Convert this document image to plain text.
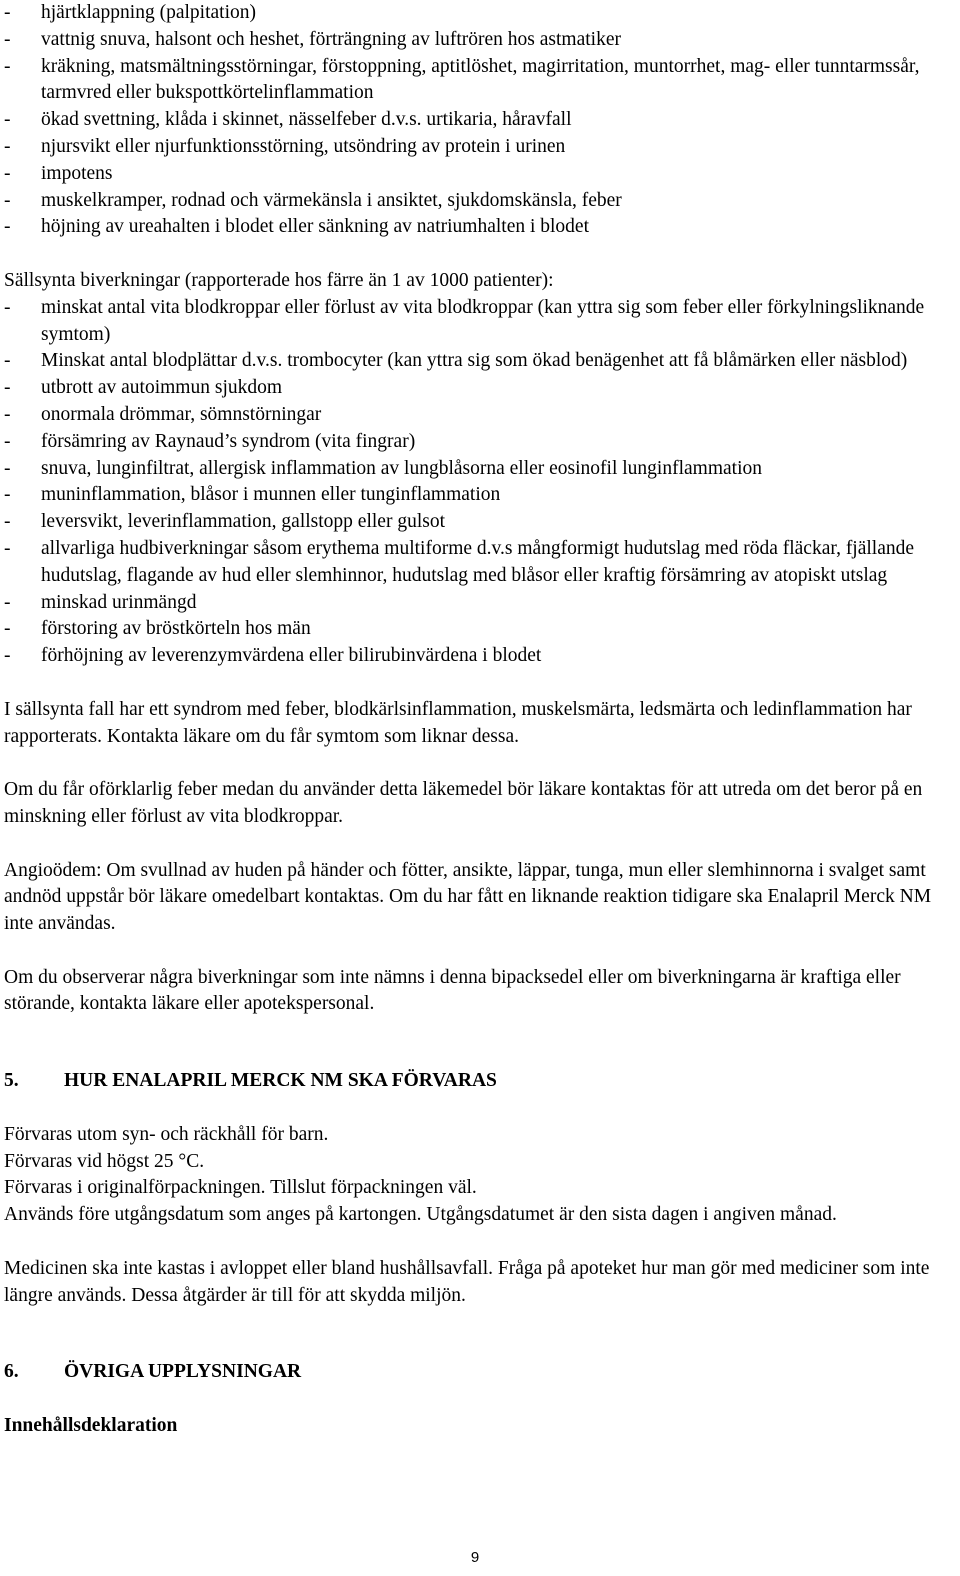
- hjärtklappning (palpitation)
- vattnig snuva, halsont och heshet, förträngning av luftrören hos astmatiker
- kräkning, matsmältningsstörningar, förstoppning, aptitlöshet, magirritation, muntorrhet, mag- eller tunntarmssår, tarmvred eller bukspottkörtelinflammation
- ökad svettning, klåda i skinnet, nässelfeber d.v.s. urtikaria, håravfall
- njursvikt eller njurfunktionsstörning, utsöndring av protein i urinen
- impotens
- muskelkramper, rodnad och värmekänsla i ansiktet, sjukdomskänsla, feber
- höjning av ureahalten i blodet eller sänkning av natriumhalten i blodet

Sällsynta biverkningar (rapporterade hos färre än 1 av 1000 patienter):

- minskat antal vita blodkroppar eller förlust av vita blodkroppar (kan yttra sig som feber eller förkylningsliknande symtom)
- Minskat antal blodplättar d.v.s. trombocyter (kan yttra sig som ökad benägenhet att få blåmärken eller näsblod)
- utbrott av autoimmun sjukdom
- onormala drömmar, sömnstörningar
- försämring av Raynaud’s syndrom (vita fingrar)
- snuva, lunginfiltrat, allergisk inflammation av lungblåsorna eller eosinofil lunginflammation
- muninflammation, blåsor i munnen eller tunginflammation
- leversvikt, leverinflammation, gallstopp eller gulsot
- allvarliga hudbiverkningar såsom erythema multiforme d.v.s mångformigt hudutslag med röda fläckar, fjällande hudutslag, flagande av hud eller slemhinnor, hudutslag med blåsor eller kraftig försämring av atopiskt utslag
- minskad urinmängd
- förstoring av bröstkörteln hos män
- förhöjning av leverenzymvärdena eller bilirubinvärdena i blodet

I sällsynta fall har ett syndrom med feber, blodkärlsinflammation, muskelsmärta, ledsmärta och ledinflammation har rapporterats. Kontakta läkare om du får symtom som liknar dessa.

Om du får oförklarlig feber medan du använder detta läkemedel bör läkare kontaktas för att utreda om det beror på en minskning eller förlust av vita blodkroppar.

Angioödem: Om svullnad av huden på händer och fötter, ansikte, läppar, tunga, mun eller slemhinnorna i svalget samt andnöd uppstår bör läkare omedelbart kontaktas. Om du har fått en liknande reaktion tidigare ska Enalapril Merck NM inte användas.

Om du observerar några biverkningar som inte nämns i denna bipacksedel eller om biverkningarna är kraftiga eller störande, kontakta läkare eller apotekspersonal.

5. HUR ENALAPRIL MERCK NM SKA FÖRVARAS

Förvaras utom syn- och räckhåll för barn.

Förvaras vid högst 25 °C.

Förvaras i originalförpackningen. Tillslut förpackningen väl.

Används före utgångsdatum som anges på kartongen. Utgångsdatumet är den sista dagen i angiven månad.

Medicinen ska inte kastas i avloppet eller bland hushållsavfall. Fråga på apoteket hur man gör med mediciner som inte längre används. Dessa åtgärder är till för att skydda miljön.

6. ÖVRIGA UPPLYSNINGAR

Innehållsdeklaration

9
